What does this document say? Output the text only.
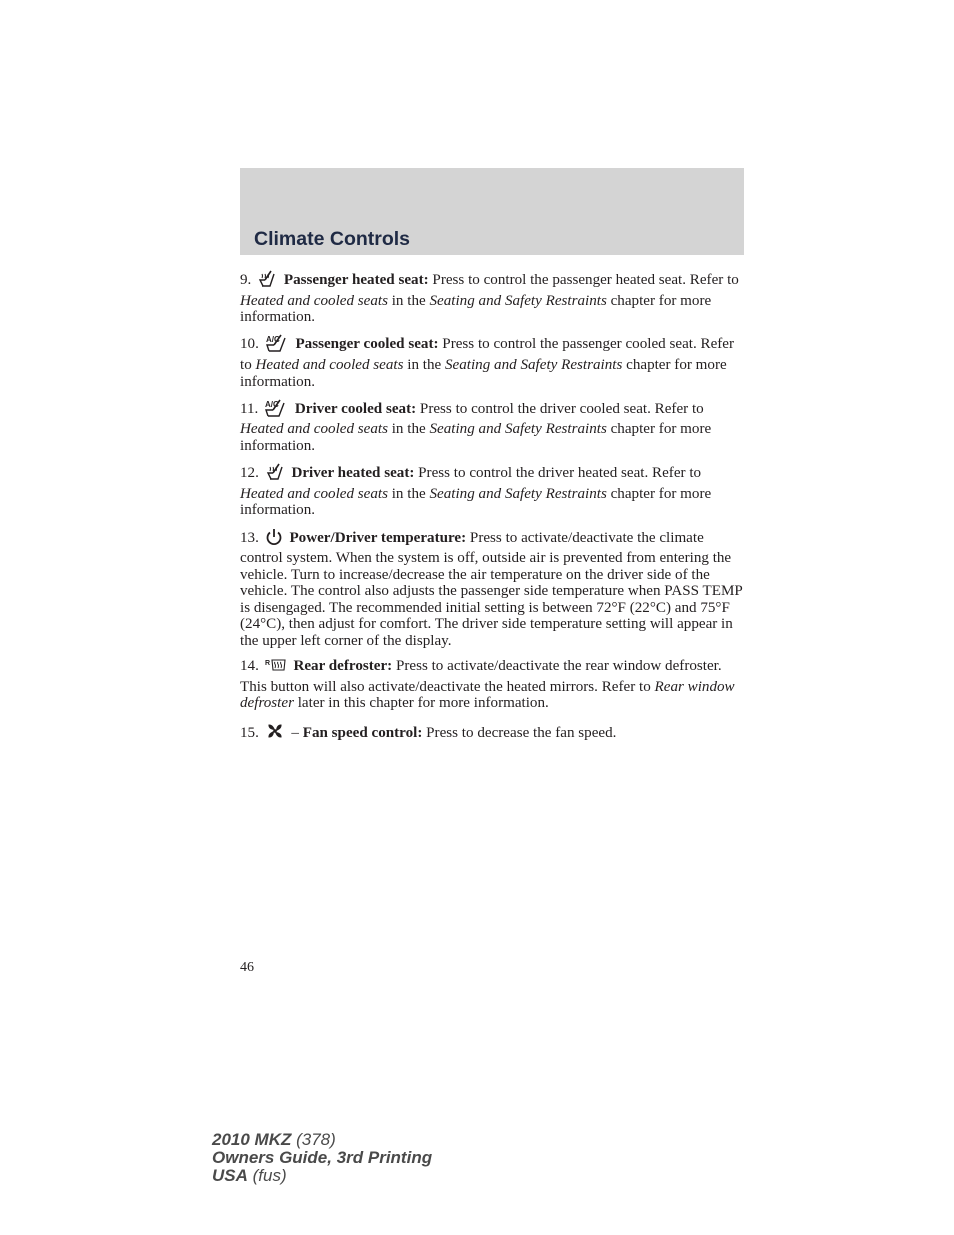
Climate Controls

9. Passenger heated seat: Press to control the passenger heated seat. Refer to Heated and cooled seats in the Seating and Safety Restraints chapter for more information.

10. A/C Passenger cooled seat: Press to control the passenger cooled seat. Refer to Heated and cooled seats in the Seating and Safety Restraints chapter for more information.

11. A/C Driver cooled seat: Press to control the driver cooled seat. Refer to Heated and cooled seats in the Seating and Safety Restraints chapter for more information.

12. Driver heated seat: Press to control the driver heated seat. Refer to Heated and cooled seats in the Seating and Safety Restraints chapter for more information.

13. Power/Driver temperature: Press to activate/deactivate the climate control system. When the system is off, outside air is prevented from entering the vehicle. Turn to increase/decrease the air temperature on the driver side of the vehicle. The control also adjusts the passenger side temperature when PASS TEMP is disengaged. The recommended initial setting is between 72°F (22°C) and 75°F (24°C), then adjust for comfort. The driver side temperature setting will appear in the upper left corner of the display.

14. R Rear defroster: Press to activate/deactivate the rear window defroster. This button will also activate/deactivate the heated mirrors. Refer to Rear window defroster later in this chapter for more information.

15.  – Fan speed control: Press to decrease the fan speed.

46
2010 MKZ (378)
Owners Guide, 3rd Printing
USA (fus)
